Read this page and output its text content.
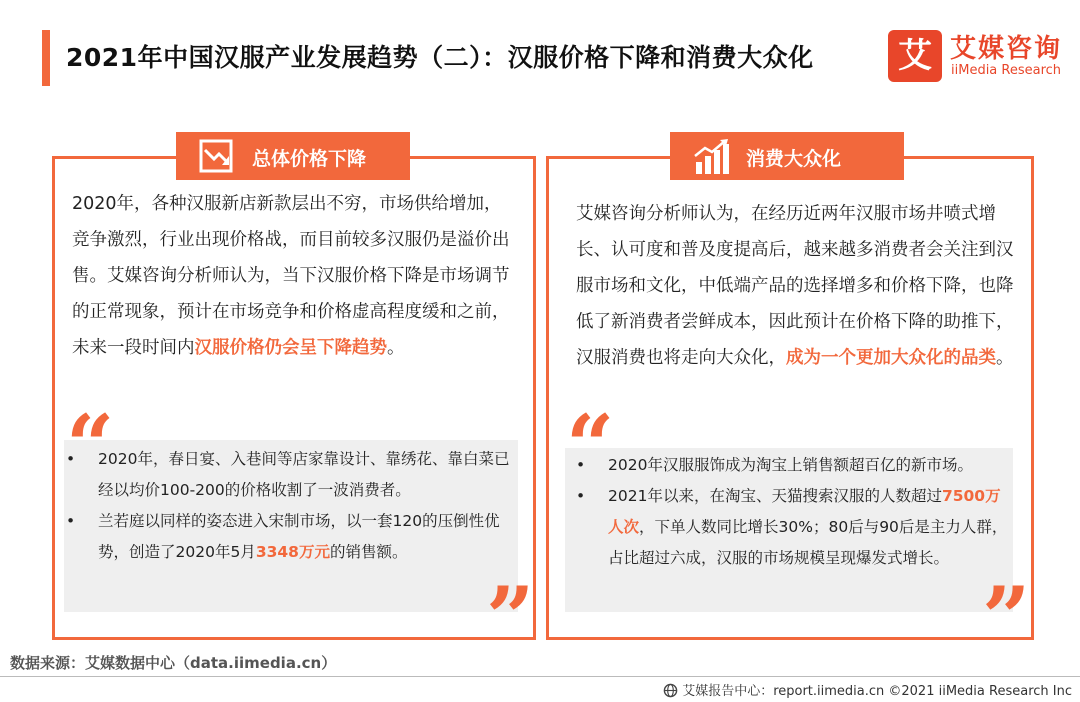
2021年中国汉服产业发展趋势（二）：汉服价格下降和消费大众化 艾 艾媒咨询
iiMedia Research
总体价格下降
2020年，各种汉服新店新款层出不穷，市场供给增加，竞争激烈，行业出现价格战，而目前较多汉服仍是溢价出售。艾媒咨询分析师认为，当下汉服价格下降是市场调节的正常现象，预计在市场竞争和价格虚高程度缓和之前，未来一段时间内汉服价格仍会呈下降趋势。
“
”
• 2020年，春日宴、入巷间等店家靠设计、靠绣花、靠白菜已经以均价100-200的价格收割了一波消费者。
• 兰若庭以同样的姿态进入宋制市场，以一套120的压倒性优势，创造了2020年5月3348万元的销售额。
消费大众化
艾媒咨询分析师认为，在经历近两年汉服市场井喷式增长、认可度和普及度提高后，越来越多消费者会关注到汉服市场和文化，中低端产品的选择增多和价格下降，也降低了新消费者尝鲜成本，因此预计在价格下降的助推下，汉服消费也将走向大众化，成为一个更加大众化的品类。
“
”
• 2020年汉服服饰成为淘宝上销售额超百亿的新市场。
• 2021年以来，在淘宝、天猫搜索汉服的人数超过7500万人次，下单人数同比增长30%；80后与90后是主力人群，占比超过六成，汉服的市场规模呈现爆发式增长。
数据来源：艾媒数据中心（data.iimedia.cn）
艾媒报告中心：report.iimedia.cn ©2021 iiMedia Research Inc
